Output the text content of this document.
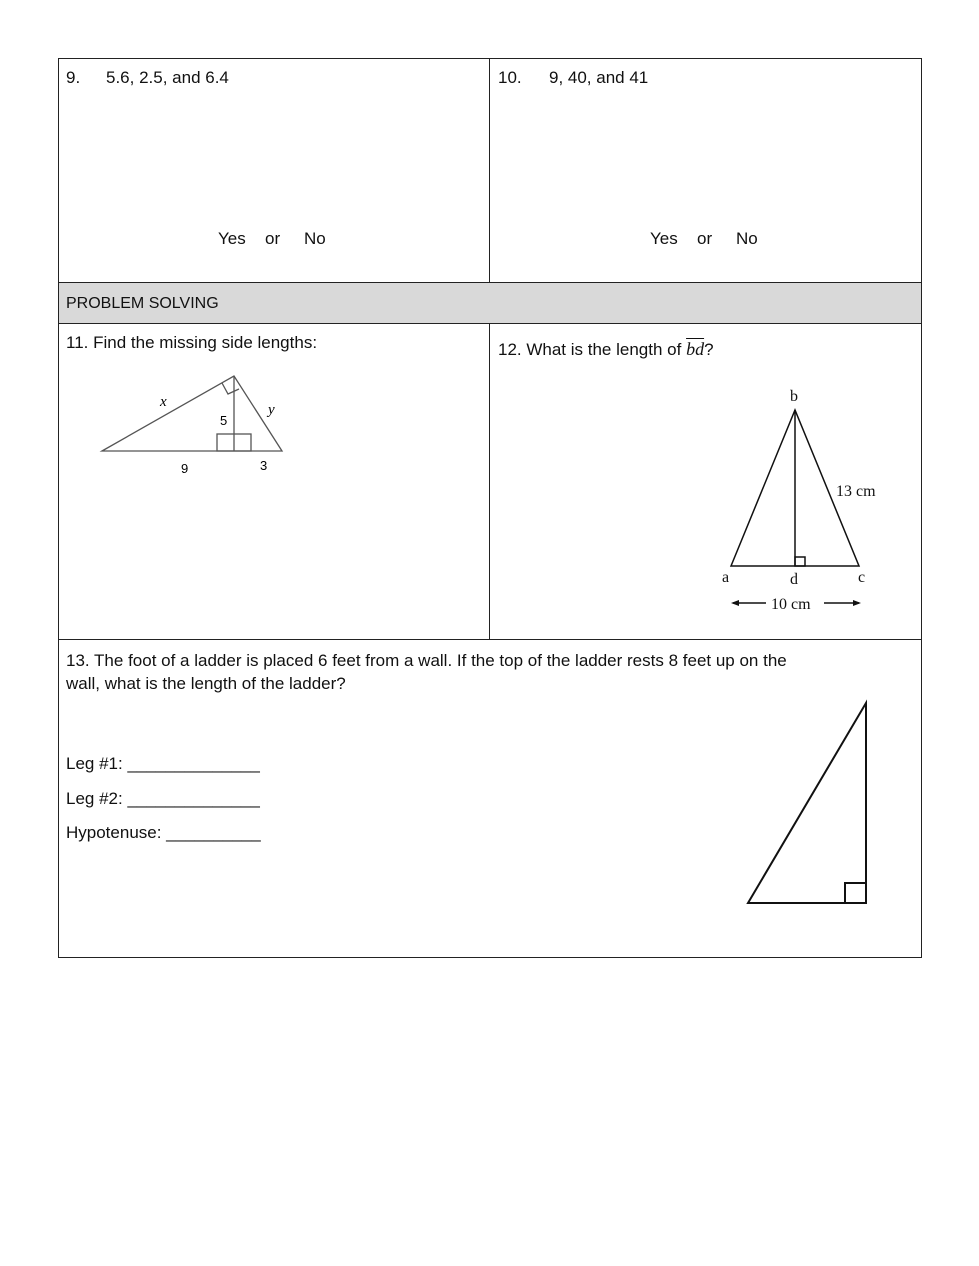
9. 5.6, 2.5, and 6.4
Yes or No
10. 9, 40, and 41
Yes or No
PROBLEM SOLVING
11. Find the missing side lengths:
x	y
5
9	3
b
a	d	c
13 cm
10 cm
12. What is the length of $\overline{bd}$?
13. The foot of a ladder is placed 6 feet from a wall. If the top of the ladder rests 8 feet up on the
wall, what is the length of the ladder?
Leg #1: ______________
Leg #2: ______________
Hypotenuse: __________
